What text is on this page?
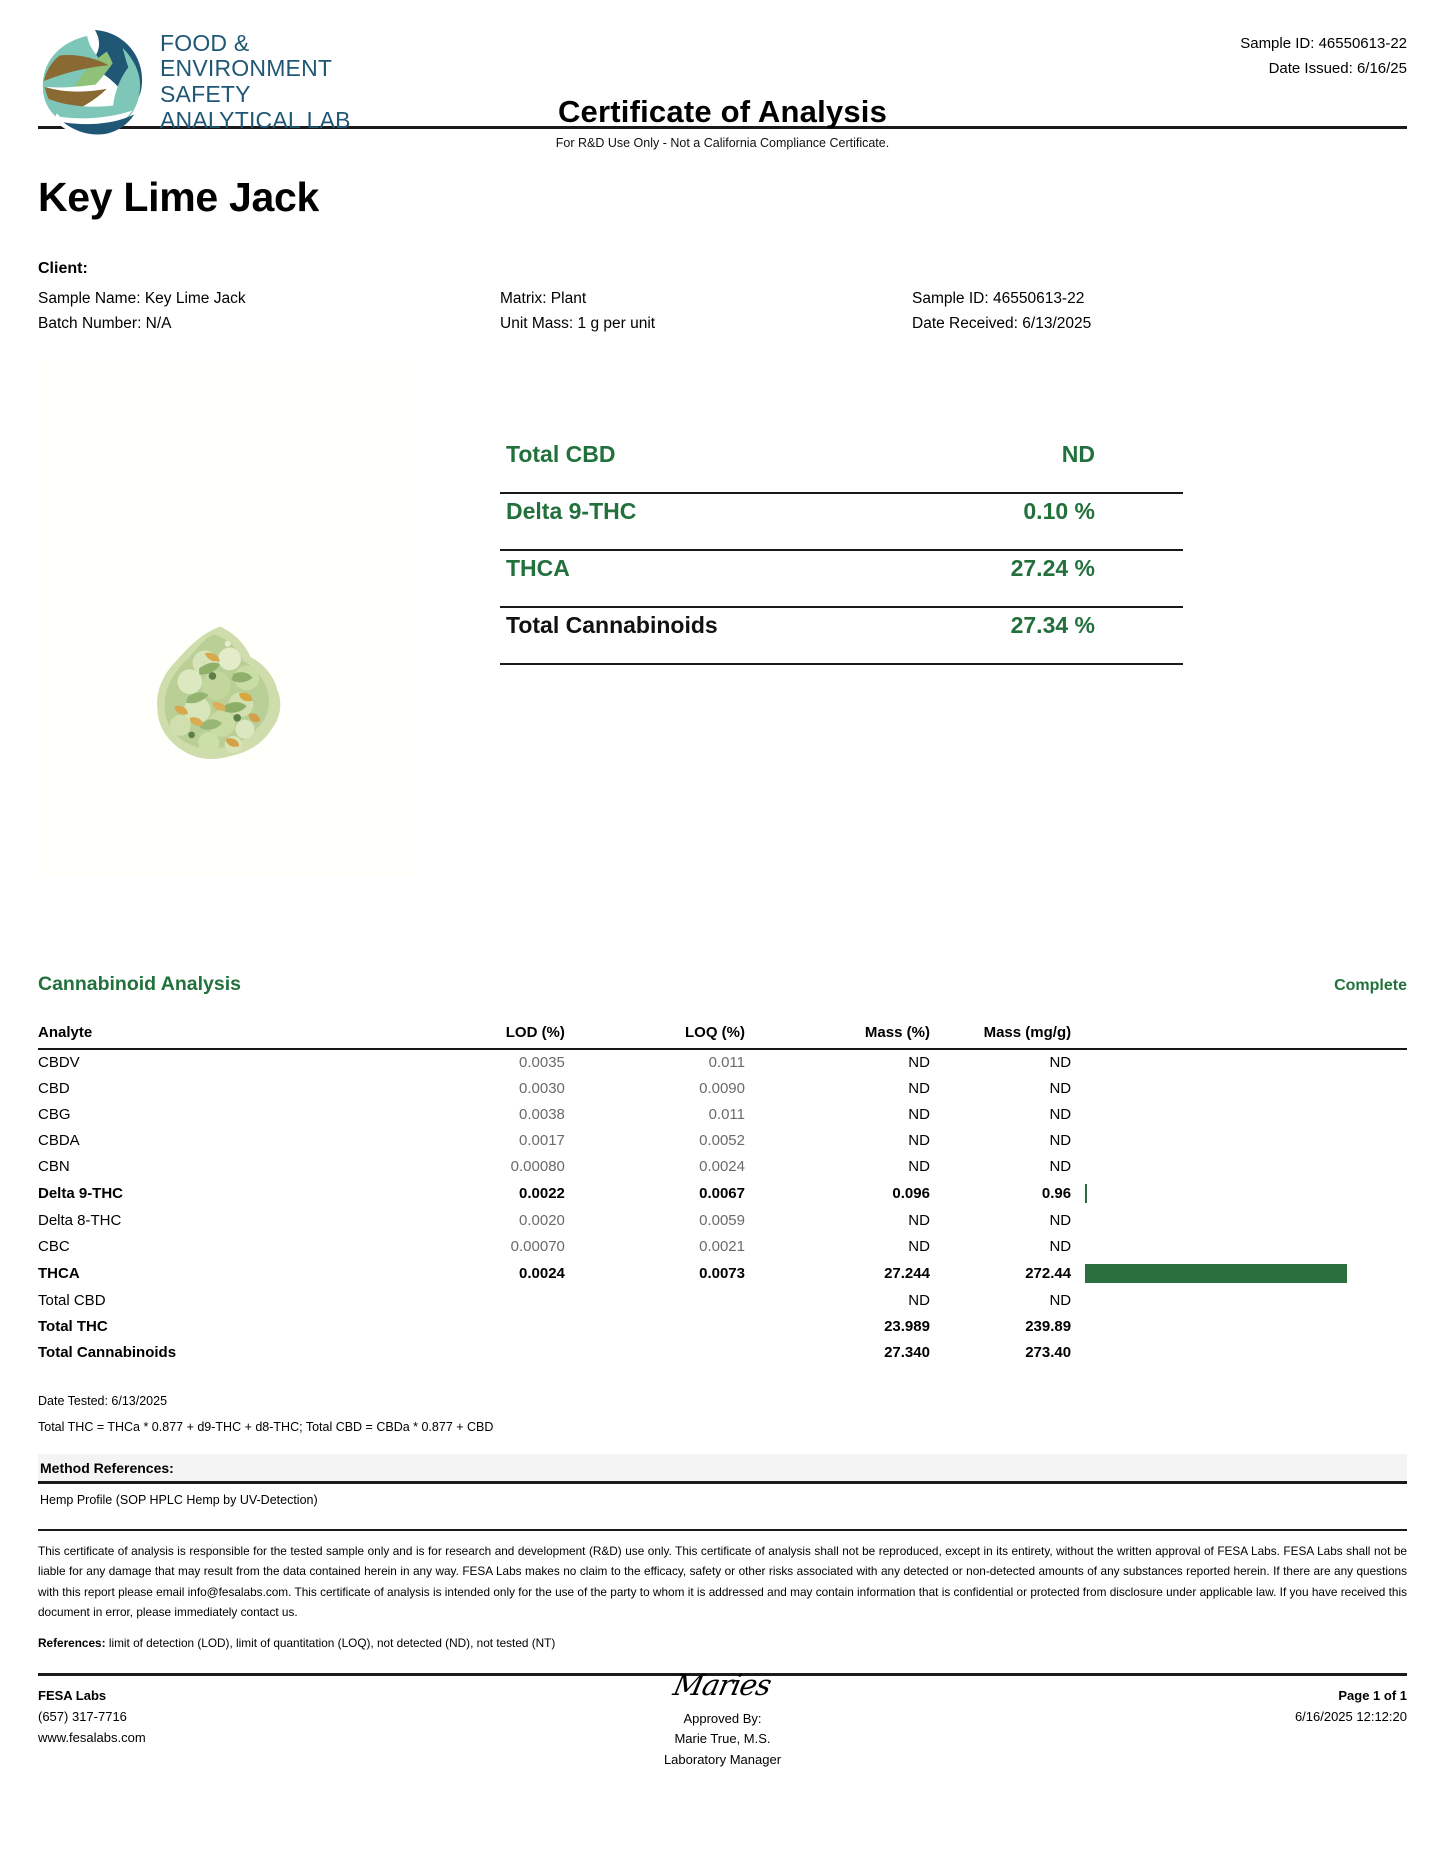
FOOD &
ENVIRONMENT
SAFETY
ANALYTICAL LAB	Certificate of Analysis
Sample ID: 46550613-22
Date Issued: 6/16/25
For R&D Use Only - Not a California Compliance Certificate.
Key Lime Jack
Client:
Sample Name: Key Lime Jack
Batch Number: N/A
Matrix: Plant
Unit Mass: 1 g per unit
Sample ID: 46550613-22
Date Received: 6/13/2025
Total CBD	ND
Delta 9-THC	0.10 %
THCA	27.24 %
Total Cannabinoids	27.34 %
Cannabinoid Analysis	Complete
Analyte	LOD (%)	LOQ (%)	Mass (%)	Mass (mg/g)	
CBDV	0.0035	0.011	ND	ND	
CBD	0.0030	0.0090	ND	ND	
CBG	0.0038	0.011	ND	ND	
CBDA	0.0017	0.0052	ND	ND	
CBN	0.00080	0.0024	ND	ND	
Delta 9-THC	0.0022	0.0067	0.096	0.96	
Delta 8-THC	0.0020	0.0059	ND	ND	
CBC	0.00070	0.0021	ND	ND	
THCA	0.0024	0.0073	27.244	272.44	
Total CBD			ND	ND	
Total THC			23.989	239.89	
Total Cannabinoids			27.340	273.40	
Date Tested: 6/13/2025
Total THC = THCa * 0.877 + d9-THC + d8-THC; Total CBD = CBDa * 0.877 + CBD
Method References:
Hemp Profile (SOP HPLC Hemp by UV-Detection)
This certificate of analysis is responsible for the tested sample only and is for research and development (R&D) use only. This certificate of analysis shall not be reproduced, except in its entirety, without the written approval of FESA Labs. FESA Labs shall not be liable for any damage that may result from the data contained herein in any way. FESA Labs makes no claim to the efficacy, safety or other risks associated with any detected or non-detected amounts of any substances reported herein. If there are any questions with this report please email info@fesalabs.com. This certificate of analysis is intended only for the use of the party to whom it is addressed and may contain information that is confidential or protected from disclosure under applicable law. If you have received this document in error, please immediately contact us.
References: limit of detection (LOD), limit of quantitation (LOQ), not detected (ND), not tested (NT)
FESA Labs
(657) 317-7716
www.fesalabs.com
Maries
Approved By:
Marie True, M.S.
Laboratory Manager
Page 1 of 1
6/16/2025 12:12:20
